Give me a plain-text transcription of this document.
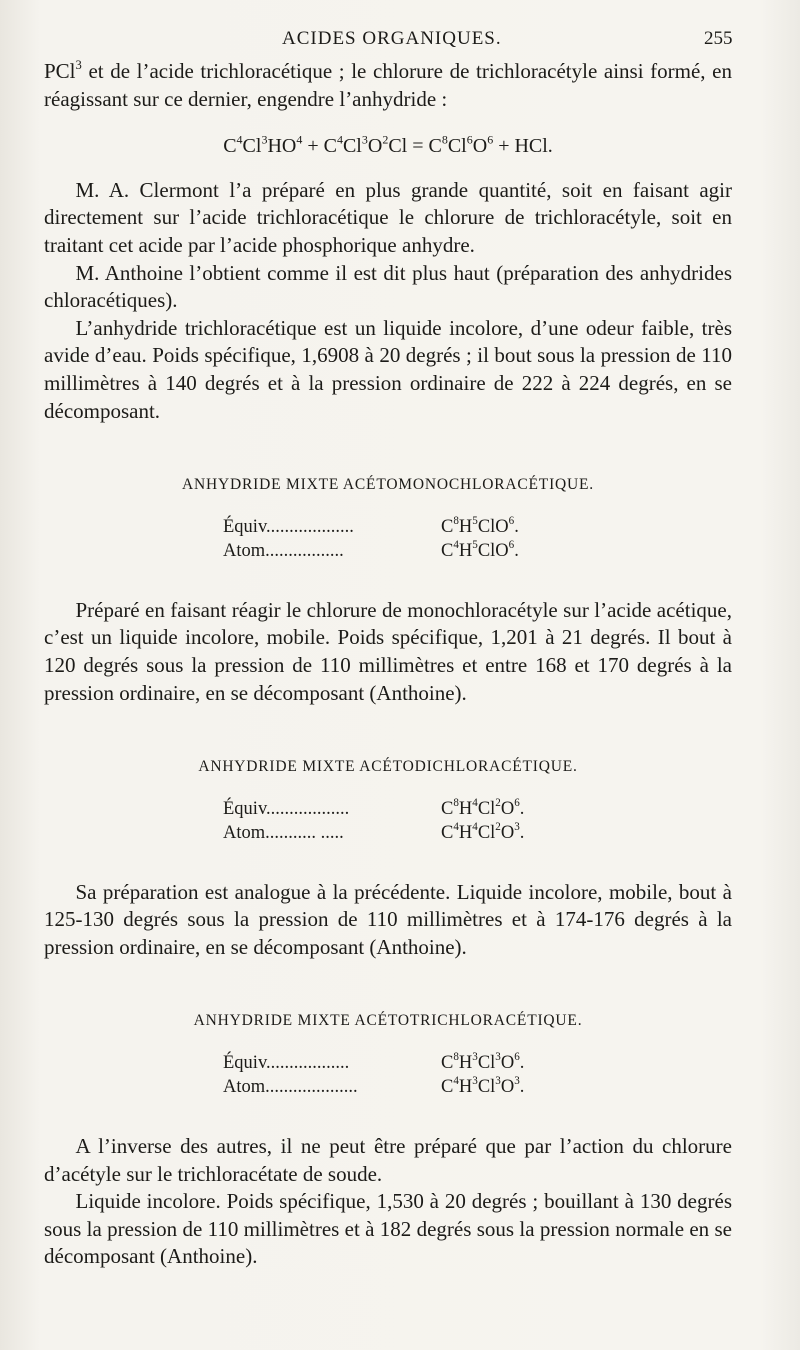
ACIDES ORGANIQUES.	255

PCl$^3$ et de l’acide trichloracétique ; le chlorure de trichloracétyle ainsi formé, en réagissant sur ce dernier, engendre l’anhydride :

$C^4Cl^3HO^4 + C^4Cl^3O^2Cl = C^8Cl^6O^6$ + HCl.

M. A. Clermont l’a préparé en plus grande quantité, soit en faisant agir directement sur l’acide trichloracétique le chlorure de trichloracétyle, soit en traitant cet acide par l’acide phosphorique anhydre.

M. Anthoine l’obtient comme il est dit plus haut (préparation des anhydrides chloracétiques).

L’anhydride trichloracétique est un liquide incolore, d’une odeur faible, très avide d’eau. Poids spécifique, 1,6908 à 20 degrés ; il bout sous la pression de 110 millimètres à 140 degrés et à la pression ordinaire de 222 à 224 degrés, en se décomposant.

ANHYDRIDE MIXTE ACÉTOMONOCHLORACÉTIQUE.
Équiv...................	$C^8H^5ClO^6$.
Atom.................	$C^4H^5ClO^6$.

Préparé en faisant réagir le chlorure de monochloracétyle sur l’acide acétique, c’est un liquide incolore, mobile. Poids spécifique, 1,201 à 21 degrés. Il bout à 120 degrés sous la pression de 110 millimètres et entre 168 et 170 degrés à la pression ordinaire, en se décomposant (Anthoine).

ANHYDRIDE MIXTE ACÉTODICHLORACÉTIQUE.
Équiv..................	$C^8H^4Cl^2O^6$.
Atom........... .....	$C^4H^4Cl^2O^3$.

Sa préparation est analogue à la précédente. Liquide incolore, mobile, bout à 125-130 degrés sous la pression de 110 millimètres et à 174-176 degrés à la pression ordinaire, en se décomposant (Anthoine).

ANHYDRIDE MIXTE ACÉTOTRICHLORACÉTIQUE.
Équiv..................	$C^8H^3Cl^3O^6$.
Atom....................	$C^4H^3Cl^3O^3$.

A l’inverse des autres, il ne peut être préparé que par l’action du chlorure d’acétyle sur le trichloracétate de soude.

Liquide incolore. Poids spécifique, 1,530 à 20 degrés ; bouillant à 130 degrés sous la pression de 110 millimètres et à 182 degrés sous la pression normale en se décomposant (Anthoine).
